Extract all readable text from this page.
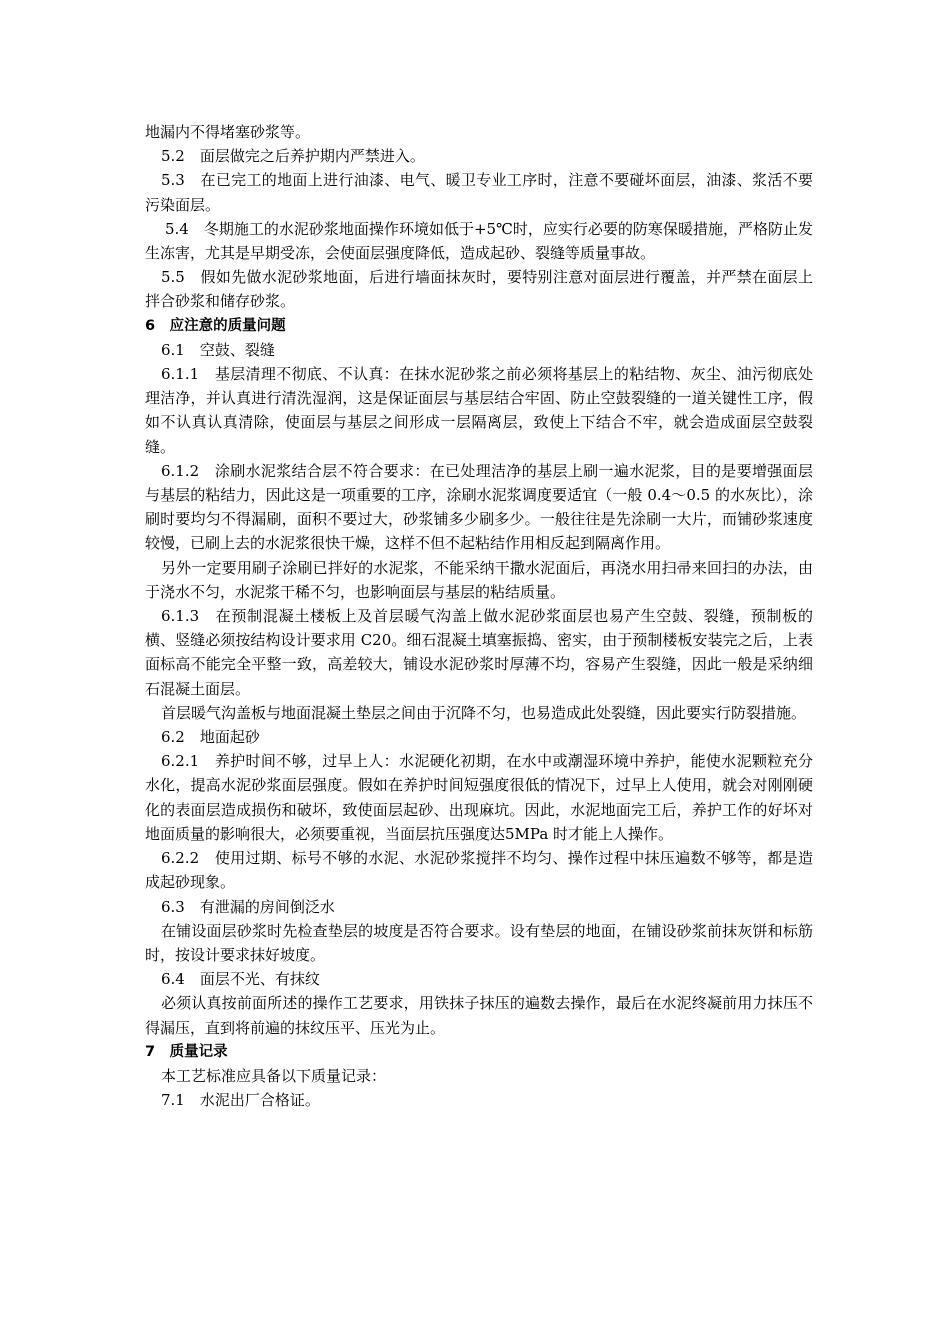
地漏内不得堵塞砂浆等。

5.2　面层做完之后养护期内严禁进入。

5.3　在已完工的地面上进行油漆、电气、暖卫专业工序时，注意不要碰坏面层，油漆、浆活不要污染面层。

5.4　冬期施工的水泥砂浆地面操作环境如低于+5℃时，应实行必要的防寒保暖措施，严格防止发生冻害，尤其是早期受冻，会使面层强度降低，造成起砂、裂缝等质量事故。

5.5　假如先做水泥砂浆地面，后进行墙面抹灰时，要特别注意对面层进行覆盖，并严禁在面层上拌合砂浆和储存砂浆。

6　应注意的质量问题

6.1　空鼓、裂缝

6.1.1　基层清理不彻底、不认真：在抹水泥砂浆之前必须将基层上的粘结物、灰尘、油污彻底处理洁净，并认真进行清洗湿润，这是保证面层与基层结合牢固、防止空鼓裂缝的一道关键性工序，假如不认真认真清除，使面层与基层之间形成一层隔离层，致使上下结合不牢，就会造成面层空鼓裂缝。

6.1.2　涂刷水泥浆结合层不符合要求：在已处理洁净的基层上刷一遍水泥浆，目的是要增强面层与基层的粘结力，因此这是一项重要的工序，涂刷水泥浆调度要适宜（一般 0.4～0.5 的水灰比），涂刷时要均匀不得漏刷，面积不要过大，砂浆铺多少刷多少。一般往往是先涂刷一大片，而铺砂浆速度较慢，已刷上去的水泥浆很快干燥，这样不但不起粘结作用相反起到隔离作用。

另外一定要用刷子涂刷已拌好的水泥浆，不能采纳干撒水泥面后，再浇水用扫帚来回扫的办法，由于浇水不匀，水泥浆干稀不匀，也影响面层与基层的粘结质量。

6.1.3　在预制混凝土楼板上及首层暖气沟盖上做水泥砂浆面层也易产生空鼓、裂缝，预制板的横、竖缝必须按结构设计要求用 C20。细石混凝土填塞振捣、密实，由于预制楼板安装完之后，上表面标高不能完全平整一致，高差较大，铺设水泥砂浆时厚薄不均，容易产生裂缝，因此一般是采纳细石混凝土面层。

首层暖气沟盖板与地面混凝土垫层之间由于沉降不匀，也易造成此处裂缝，因此要实行防裂措施。

6.2　地面起砂

6.2.1　养护时间不够，过早上人：水泥硬化初期，在水中或潮湿环境中养护，能使水泥颗粒充分水化，提高水泥砂浆面层强度。假如在养护时间短强度很低的情况下，过早上人使用，就会对刚刚硬化的表面层造成损伤和破坏，致使面层起砂、出现麻坑。因此，水泥地面完工后，养护工作的好坏对地面质量的影响很大，必须要重视，当面层抗压强度达5MPa 时才能上人操作。

6.2.2　使用过期、标号不够的水泥、水泥砂浆搅拌不均匀、操作过程中抹压遍数不够等，都是造成起砂现象。

6.3　有泄漏的房间倒泛水

在铺设面层砂浆时先检查垫层的坡度是否符合要求。设有垫层的地面，在铺设砂浆前抹灰饼和标筋时，按设计要求抹好坡度。

6.4　面层不光、有抹纹

必须认真按前面所述的操作工艺要求，用铁抹子抹压的遍数去操作，最后在水泥终凝前用力抹压不得漏压，直到将前遍的抹纹压平、压光为止。

7　质量记录

本工艺标准应具备以下质量记录：

7.1　水泥出厂合格证。
